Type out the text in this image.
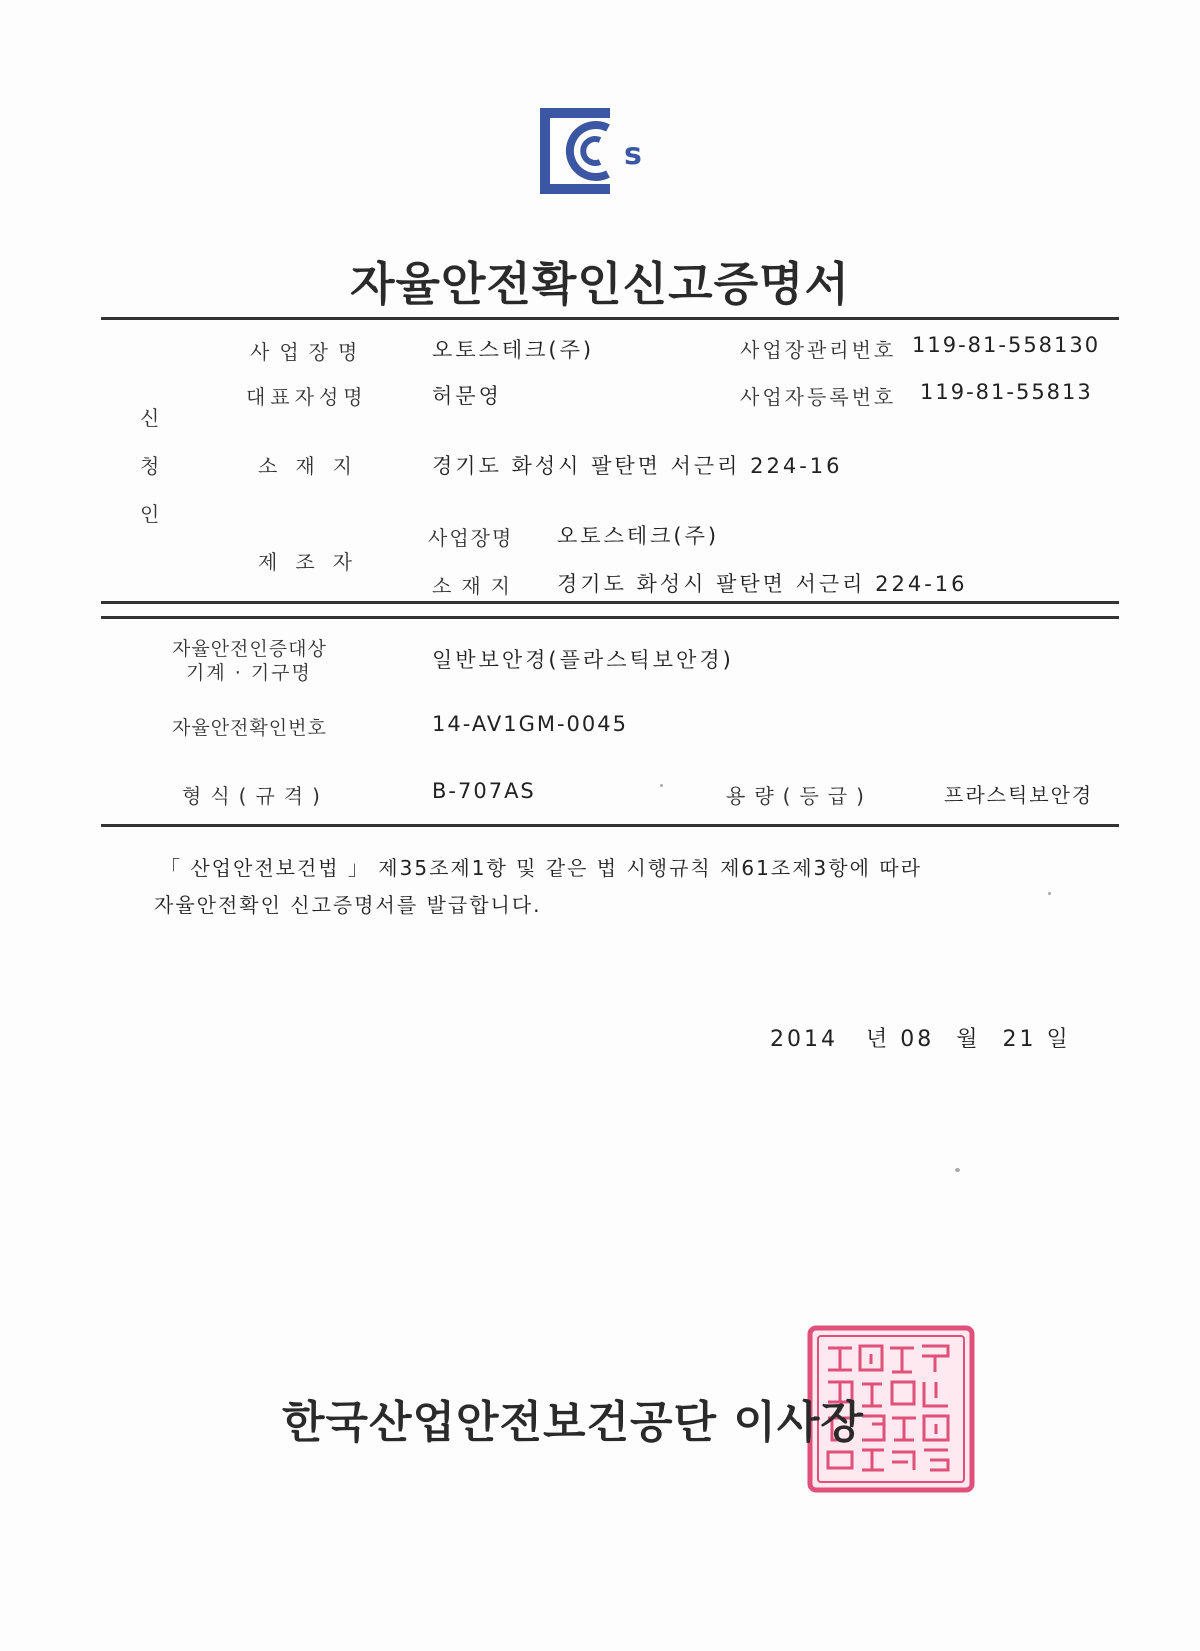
s
자율안전확인신고증명서
신
청
인
사업장명	오토스테크(주)	사업장관리번호 119-81-558130
대표자성명	허문영	사업자등록번호 119-81-55813
소재지	경기도 화성시 팔탄면 서근리 224-16
제조자
사업장명 오토스테크(주)
소재지 경기도 화성시 팔탄면 서근리 224-16
자율안전인증대상
기계 · 기구명
일반보안경(플라스틱보안경)
자율안전확인번호	14-AV1GM-0045
형식(규격)	B-707AS	용량(등급)	프라스틱보안경
「 산업안전보건법 」 제35조제1항 및 같은 법 시행규칙 제61조제3항에 따라
자율안전확인 신고증명서를 발급합니다.
2014 년 08 월 21 일
한국산업안전보건공단 이사장
